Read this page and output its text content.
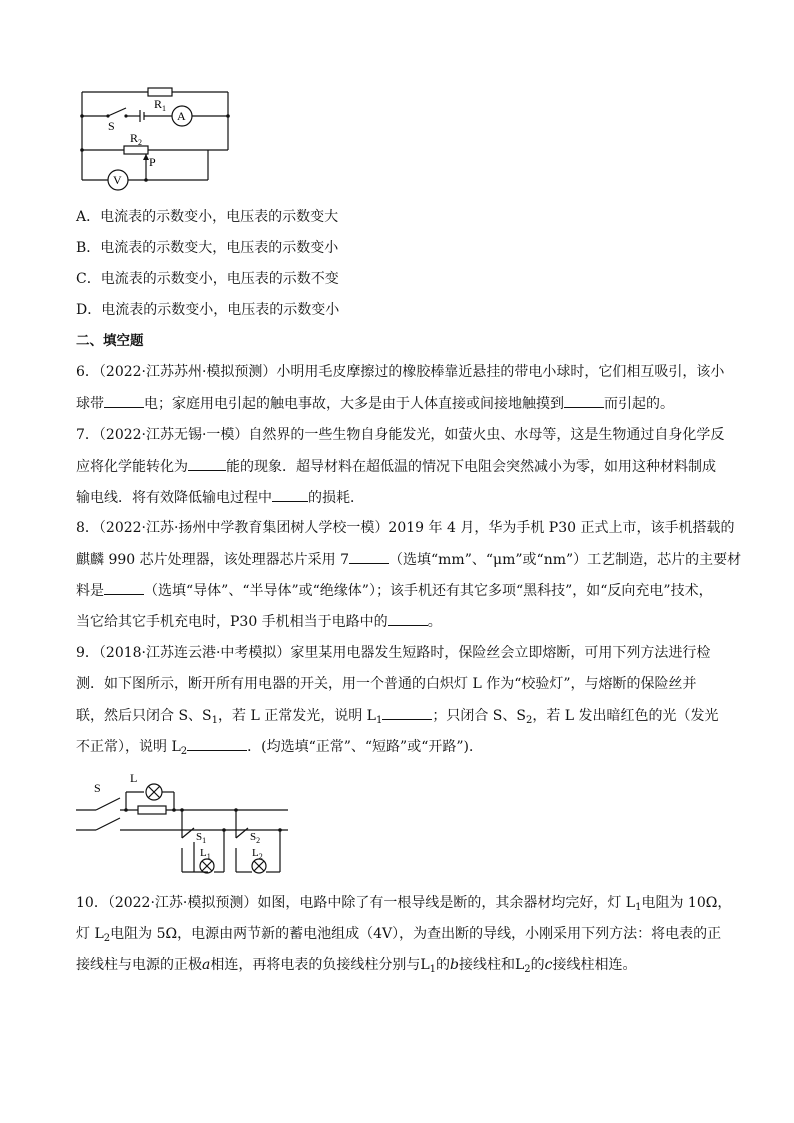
S
$R_1$
A
$R_2$
P
V
A．电流表的示数变小，电压表的示数变大
B．电流表的示数变大，电压表的示数变小
C．电流表的示数变小，电压表的示数不变
D．电流表的示数变小，电压表的示数变小
二、填空题
6．（2022·江苏苏州·模拟预测）小明用毛皮摩擦过的橡胶棒靠近悬挂的带电小球时，它们相互吸引，该小
球带	电；家庭用电引起的触电事故，大多是由于人体直接或间接地触摸到	而引起的。
7．（2022·江苏无锡·一模）自然界的一些生物自身能发光，如萤火虫、水母等，这是生物通过自身化学反
应将化学能转化为	能的现象．超导材料在超低温的情况下电阻会突然减小为零，如用这种材料制成
输电线．将有效降低输电过程中	的损耗．
8．（2022·江苏·扬州中学教育集团树人学校一模）2019 年 4 月，华为手机 P30 正式上市，该手机搭载的
麒麟 990 芯片处理器，该处理器芯片采用 7	（选填“mm”、“μm”或“nm”）工艺制造，芯片的主要材
料是	（选填“导体”、“半导体”或“绝缘体”）；该手机还有其它多项“黑科技”，如“反向充电”技术，
当它给其它手机充电时，P30 手机相当于电路中的	。
9．（2018·江苏连云港·中考模拟）家里某用电器发生短路时，保险丝会立即熔断，可用下列方法进行检
测．如下图所示，断开所有用电器的开关，用一个普通的白炽灯 L 作为“校验灯”，与熔断的保险丝并
联，然后只闭合 S、$S_1$，若 L 正常发光，说明 $L_1$	；只闭合 S、$S_2$，若 L 发出暗红色的光（发光
不正常），说明 $L_2$	．(均选填“正常”、“短路”或“开路”)．
S
L
$S_1$
$L_1$
$S_2$
$L_2$
10．（2022·江苏·模拟预测）如图，电路中除了有一根导线是断的，其余器材均完好，灯 $L_1$电阻为 10Ω，
灯 $L_2$电阻为 5Ω，电源由两节新的蓄电池组成（4V），为查出断的导线，小刚采用下列方法：将电表的正
接线柱与电源的正极a相连，再将电表的负接线柱分别与$L_1$的b接线柱和$L_2$的c接线柱相连。
